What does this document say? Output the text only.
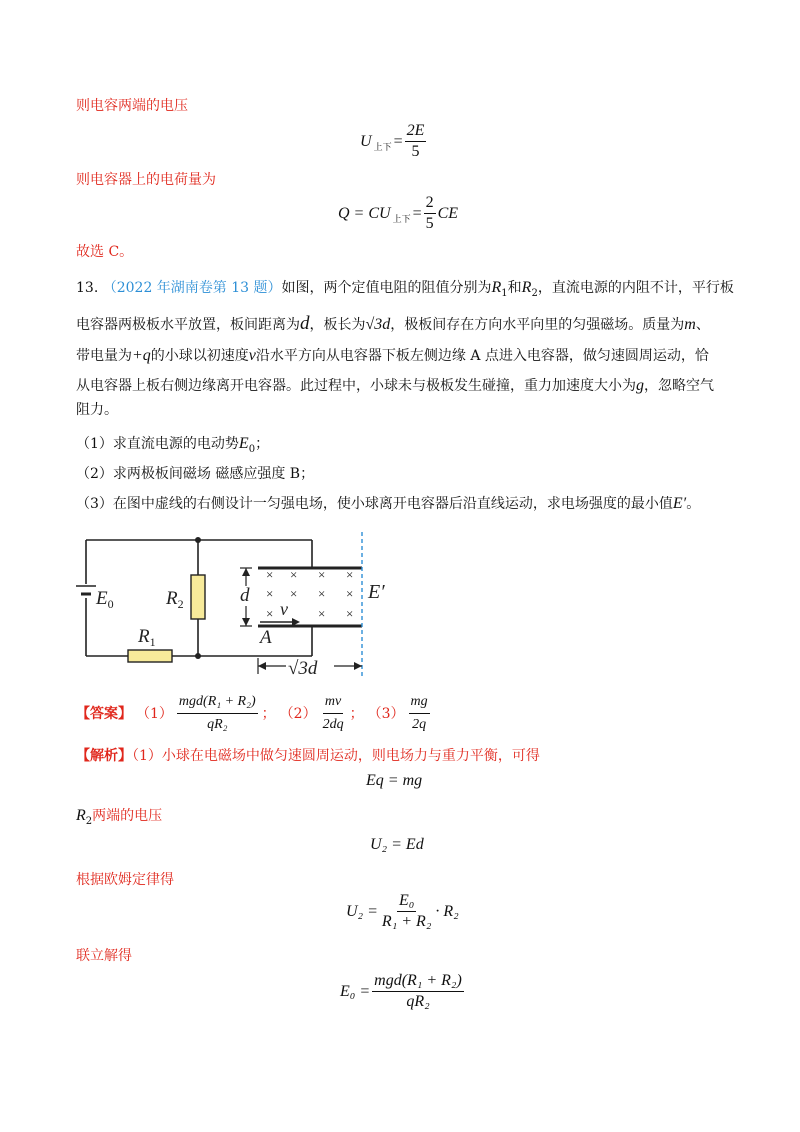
则电容两端的电压
$U_{上下} = \frac{2E}{5}$
则电容器上的电荷量为
$Q = CU_{上下} = \frac{2}{5}$ CE
故选 C。
13. （2022 年湖南卷第 13 题）如图，两个定值电阻的阻值分别为$R_1$和$R_2$，直流电源的内阻不计，平行板
电容器两极板水平放置，板间距离为d，板长为√3d，极板间存在方向水平向里的匀强磁场。质量为m、
带电量为+q的小球以初速度v沿水平方向从电容器下板左侧边缘 A 点进入电容器，做匀速圆周运动，恰
从电容器上板右侧边缘离开电容器。此过程中，小球未与极板发生碰撞，重力加速度大小为g，忽略空气
阻力。
（1）求直流电源的电动势$E_0$；
（2）求两极板间磁场 磁感应强度 B；
（3）在图中虚线的右侧设计一匀强电场，使小球离开电容器后沿直线运动，求电场强度的最小值E′。
$E_0$	$R_2$
$R_1$
× × × ×
× × × ×
×	× ×
v
A
d	E′
√3d
【答案】 $(1) \frac{\text{mgd(R₁ + R₂)}}{\text{qR₂}}$ ； $(2) \frac{mv}{2dq}$ ； $(3) \frac{mg}{2q}$
【解析】（1）小球在电磁场中做匀速圆周运动，则电场力与重力平衡，可得
Eq = mg
$R_2$两端的电压
U₂ = Ed
根据欧姆定律得
$U_2 = \frac{\text{E₀}}{\text{R₁ + R₂}} \cdot R_2$
联立解得
$E_0 = \frac{\text{mgd(R₁ + R₂)}}{\text{qR₂}}$
